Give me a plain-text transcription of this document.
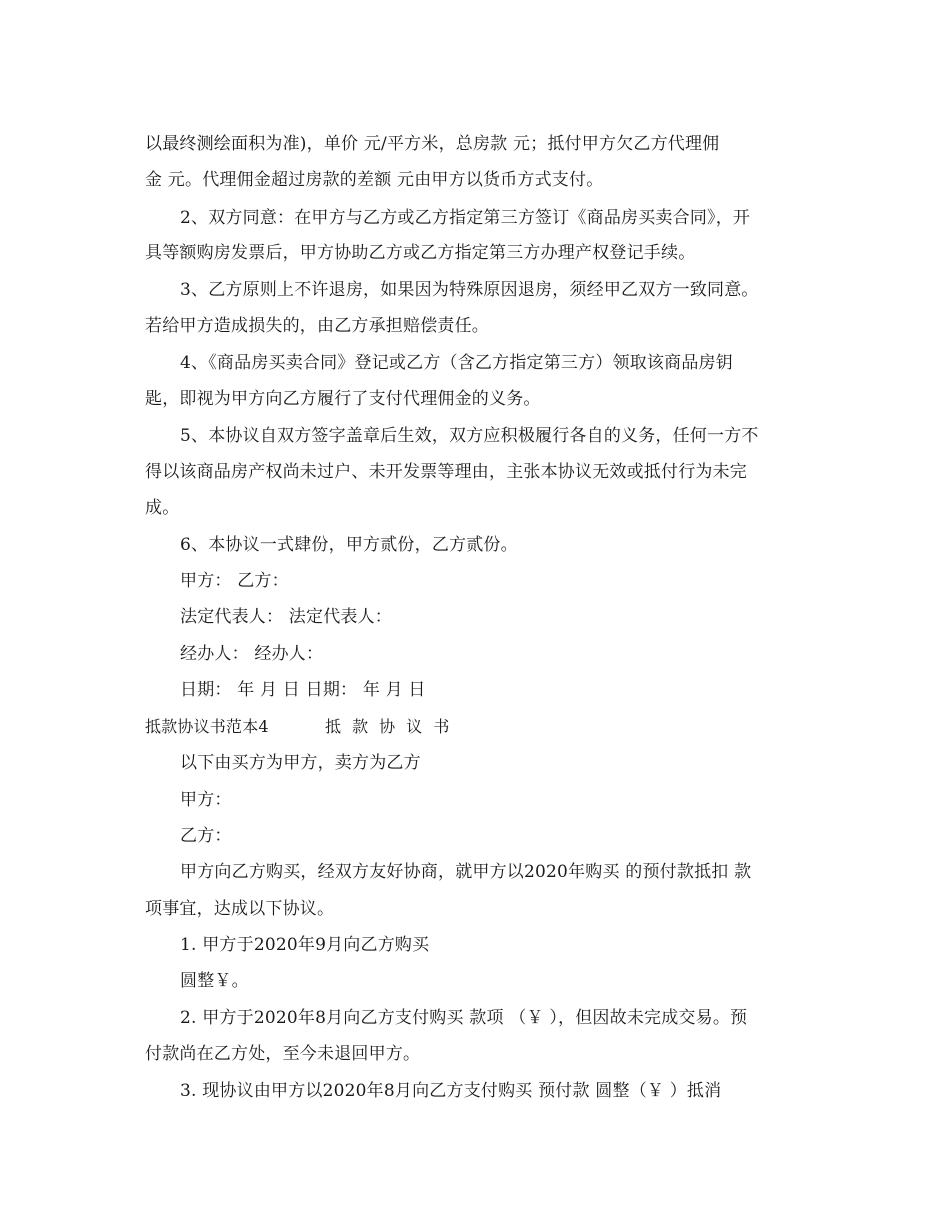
以最终测绘面积为准)，单价 元/平方米，总房款 元；抵付甲方欠乙方代理佣
金 元。代理佣金超过房款的差额 元由甲方以货币方式支付。
2、双方同意：在甲方与乙方或乙方指定第三方签订《商品房买卖合同》，开
具等额购房发票后，甲方协助乙方或乙方指定第三方办理产权登记手续。
3、乙方原则上不许退房，如果因为特殊原因退房，须经甲乙双方一致同意。
若给甲方造成损失的，由乙方承担赔偿责任。
4、《商品房买卖合同》登记或乙方（含乙方指定第三方）领取该商品房钥
匙，即视为甲方向乙方履行了支付代理佣金的义务。
5、本协议自双方签字盖章后生效，双方应积极履行各自的义务，任何一方不
得以该商品房产权尚未过户、未开发票等理由，主张本协议无效或抵付行为未完
成。
6、本协议一式肆份，甲方贰份，乙方贰份。
甲方： 乙方：
法定代表人： 法定代表人：
经办人： 经办人：
日期： 年 月 日 日期： 年 月 日
抵款协议书范本4	抵 款 协 议 书
以下由买方为甲方，卖方为乙方
甲方：
乙方：
甲方向乙方购买，经双方友好协商，就甲方以2020年购买 的预付款抵扣 款
项事宜，达成以下协议。
1. 甲方于2020年9月向乙方购买
圆整￥。
2. 甲方于2020年8月向乙方支付购买 款项 （￥ ），但因故未完成交易。预
付款尚在乙方处，至今未退回甲方。
3. 现协议由甲方以2020年8月向乙方支付购买 预付款 圆整（￥ ）抵消
